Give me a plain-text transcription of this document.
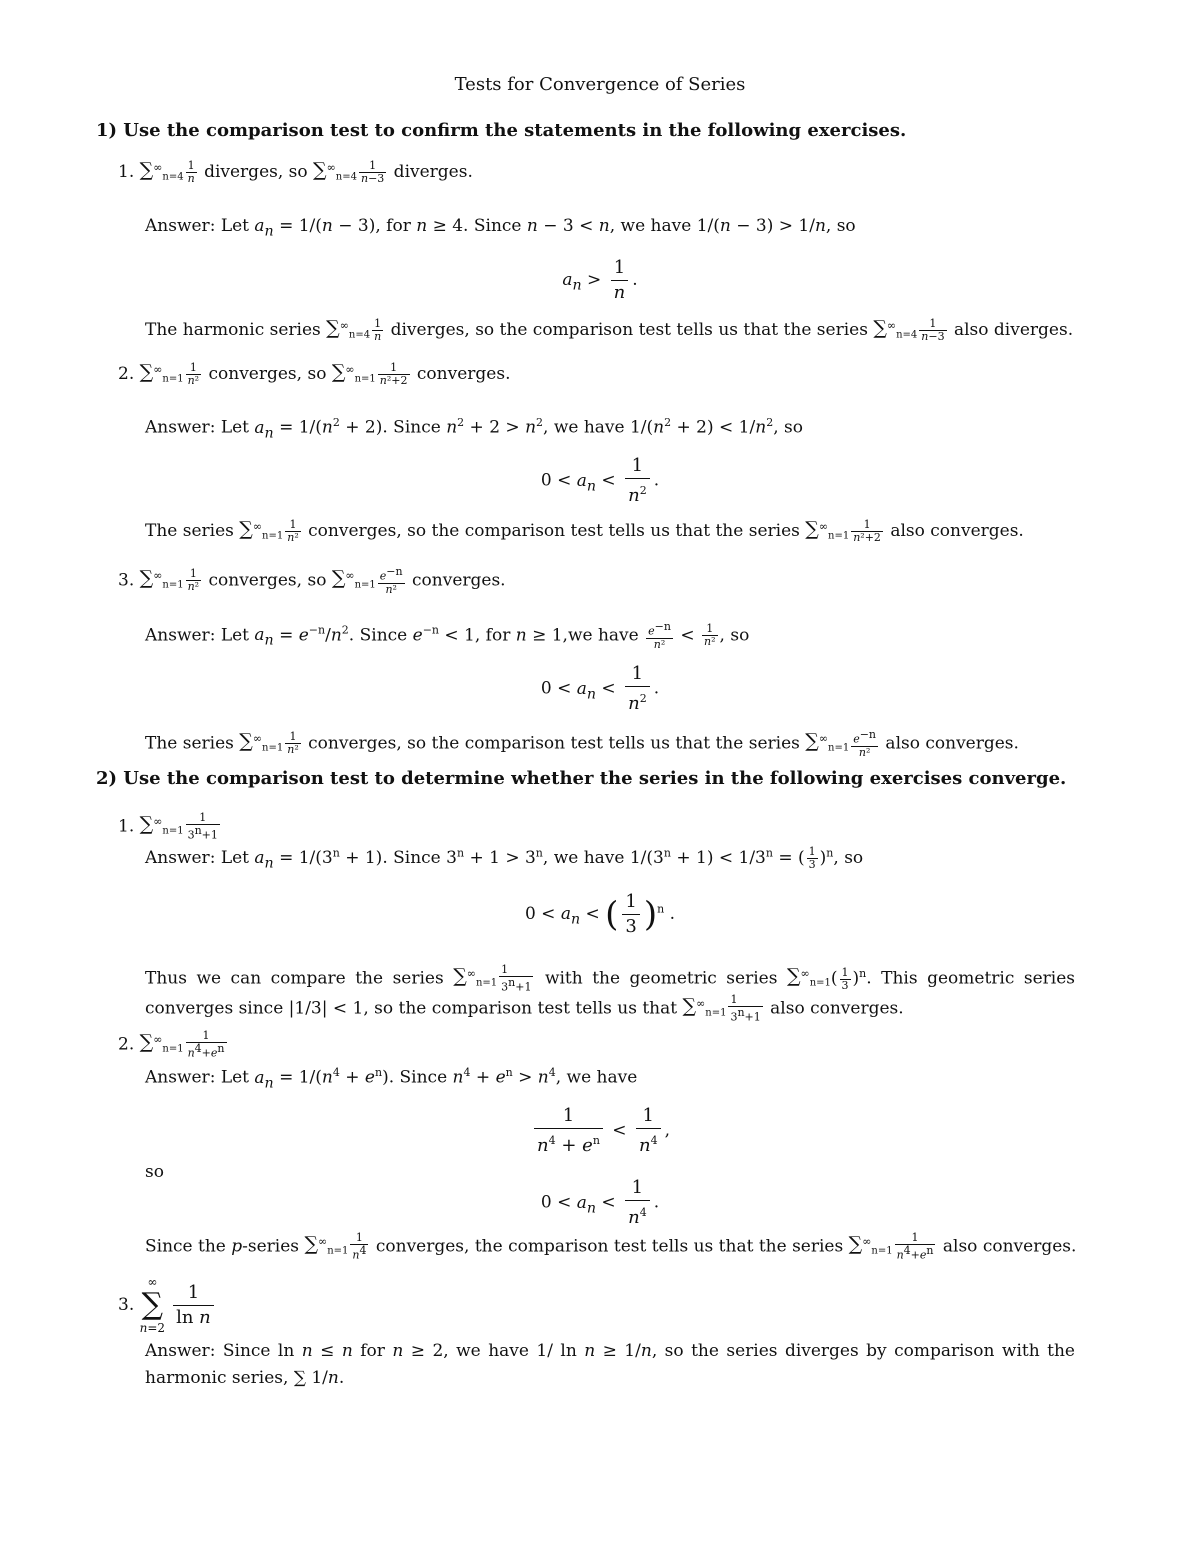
Tests for Convergence of Series
1) Use the comparison test to confirm the statements in the following exercises.
1. $\sum^\infty_{n=4} \frac{1}{n}$ diverges, so $\sum^\infty_{n=4} \frac{1}{n-3}$ diverges.
Answer: Let $a_n = 1/(n - 3)$, for n ≥ 4. Since n − 3 < n, we have 1/(n − 3) > 1/n, so
$a_n > \frac{1}{n}$ .
The harmonic series $\sum^\infty_{n=4} \frac{1}{n}$ diverges, so the comparison test tells us that the series $\sum^\infty_{n=4} \frac{1}{n-3}$ also diverges.
2. $\sum^\infty_{n=1} \frac{1}{\text{n²}}$ converges, so $\sum^\infty_{n=1} \frac{1}{\text{n²+2}}$ converges.
Answer: Let $a_n = 1/(n^2 + 2)$. Since $n^2 + 2 > n^2$, we have $1/(n^2 + 2) < 1/n^2$, so
$0 < a_n < \frac{1}{n^2}$ .
The series $\sum^\infty_{n=1} \frac{1}{\text{n²}}$ converges, so the comparison test tells us that the series $\sum^\infty_{n=1} \frac{1}{\text{n²+2}}$ also converges.
3. $\sum^\infty_{n=1} \frac{1}{\text{n²}}$ converges, so $\sum^\infty_{n=1} \frac{e^{-n}}{\text{n²}}$ converges.
Answer: Let $a_n = e^{-n}/n^2$. Since $e^{-n} < 1$, for n ≥ 1,we have $\frac{e^{-n}}{\text{n²}} < \frac{1}{\text{n²}}$ , so
$0 < a_n < \frac{1}{n^2}$ .
The series $\sum^\infty_{n=1} \frac{1}{\text{n²}}$ converges, so the comparison test tells us that the series $\sum^\infty_{n=1} \frac{e^{-n}}{\text{n²}}$ also converges.
2) Use the comparison test to determine whether the series in the following exercises converge.
1. $\sum^\infty_{n=1} \frac{1}{3^n+1}$
Answer: Let $a_n = 1/(3^n + 1)$. Since $3^n + 1 > 3^n$, we have $1/(3^n + 1) < 1/3^n$ = ( $\frac{1}{3} )^n$, so
$0 < a_n$ < ( $\frac{1}{3} )^n$ .
Thus we can compare the series $\sum^\infty_{n=1} \frac{1}{3^n+1}$ with the geometric series $\sum^\infty_{n=1}( \frac{1}{3} )^n$. This geometric series converges since |1/3| < 1, so the comparison test tells us that $\sum^\infty_{n=1} \frac{1}{3^n+1}$ also converges.
2. $\sum^\infty_{n=1} \frac{1}{n^4+e^n}$
Answer: Let $a_n = 1/(n^4 + e^n)$. Since $n^4 + e^n > n^4$, we have
$\frac{1}{n^4 + e^n} < \frac{1}{n^4}$ ,
so
$0 < a_n < \frac{1}{n^4}$ .
Since the p-series $\sum^\infty_{n=1} \frac{1}{n^4}$ converges, the comparison test tells us that the series $\sum^\infty_{n=1} \frac{1}{n^4+e^n}$ also converges.
3.
∞
∑
$n=2 \frac{1}{\text{ln n}}$
Answer: Since ln n ≤ n for n ≥ 2, we have 1/ ln n ≥ 1/n, so the series diverges by comparison with the harmonic series, ∑ 1/n.
